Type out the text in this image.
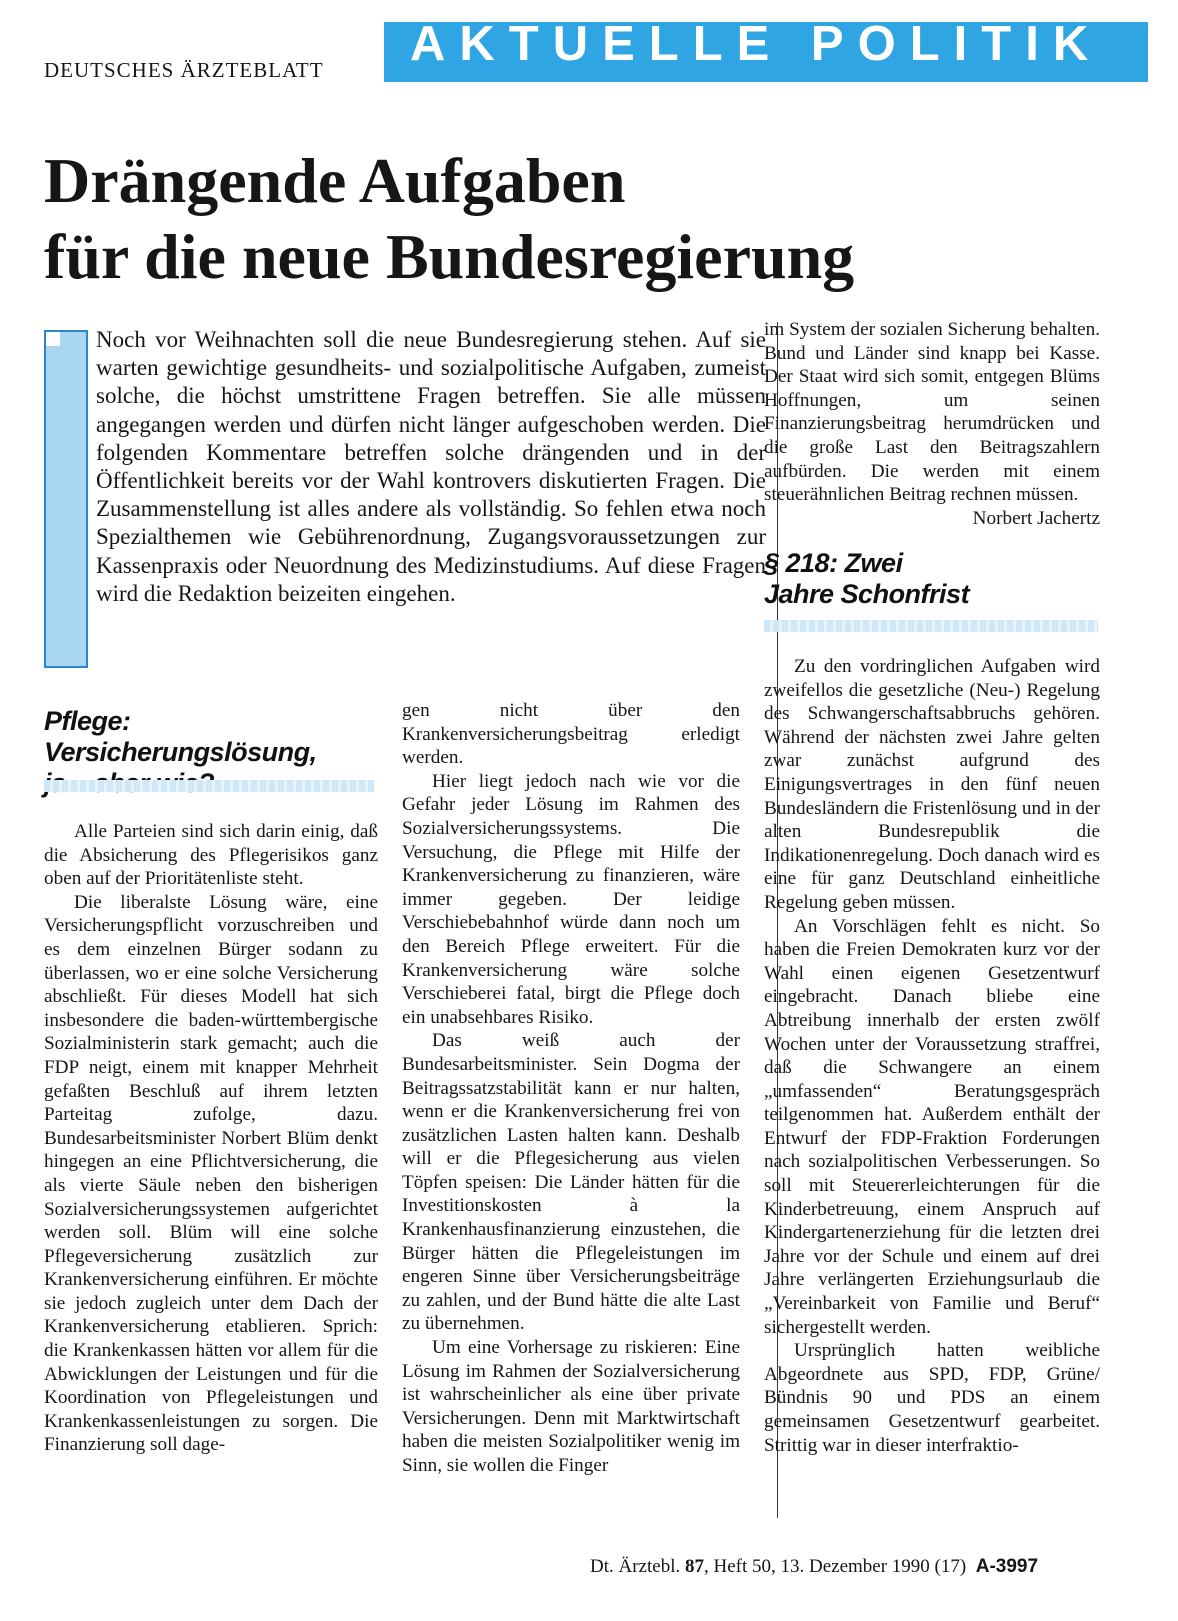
DEUTSCHES ÄRZTEBLATT	AKTUELLE POLITIK
Drängende Aufgaben
für die neue Bundesregierung
Noch vor Weihnachten soll die neue Bundesregierung stehen. Auf sie warten gewichtige gesundheits- und sozialpolitische Aufgaben, zumeist solche, die höchst umstrittene Fragen betreffen. Sie alle müssen angegangen werden und dürfen nicht länger aufgeschoben werden. Die folgenden Kommentare betreffen solche drängenden und in der Öffentlichkeit bereits vor der Wahl kontrovers diskutierten Fragen. Die Zusammenstellung ist alles andere als vollständig. So fehlen etwa noch Spezialthemen wie Gebührenordnung, Zugangsvoraussetzungen zur Kassenpraxis oder Neuordnung des Medizinstudiums. Auf diese Fragen wird die Redaktion beizeiten eingehen.
Pflege: Versicherungslösung,

Alle Parteien sind sich darin einig, daß die Absicherung des Pflegerisikos ganz oben auf der Prioritätenliste steht.

Die liberalste Lösung wäre, eine Versicherungspflicht vorzuschreiben und es dem einzelnen Bürger sodann zu überlassen, wo er eine solche Versicherung abschließt. Für dieses Modell hat sich insbesondere die baden-württembergische Sozialministerin stark gemacht; auch die FDP neigt, einem mit knapper Mehrheit gefaßten Beschluß auf ihrem letzten Parteitag zufolge, dazu. Bundesarbeitsminister Norbert Blüm denkt hingegen an eine Pflichtversicherung, die als vierte Säule neben den bisherigen Sozialversicherungssystemen aufgerichtet werden soll. Blüm will eine solche Pflegeversicherung zusätzlich zur Krankenversicherung einführen. Er möchte sie jedoch zugleich unter dem Dach der Krankenversicherung etablieren. Sprich: die Krankenkassen hätten vor allem für die Abwicklungen der Leistungen und für die Koordination von Pflegeleistungen und Krankenkassenleistungen zu sorgen. Die Finanzierung soll dage-

gen nicht über den Krankenversicherungsbeitrag erledigt werden.

Hier liegt jedoch nach wie vor die Gefahr jeder Lösung im Rahmen des Sozialversicherungssystems. Die Versuchung, die Pflege mit Hilfe der Krankenversicherung zu finanzieren, wäre immer gegeben. Der leidige Verschiebebahnhof würde dann noch um den Bereich Pflege erweitert. Für die Krankenversicherung wäre solche Verschieberei fatal, birgt die Pflege doch ein unabsehbares Risiko.

Das weiß auch der Bundesarbeitsminister. Sein Dogma der Beitragssatzstabilität kann er nur halten, wenn er die Krankenversicherung frei von zusätzlichen Lasten halten kann. Deshalb will er die Pflegesicherung aus vielen Töpfen speisen: Die Länder hätten für die Investitionskosten à la Krankenhausfinanzierung einzustehen, die Bürger hätten die Pflegeleistungen im engeren Sinne über Versicherungsbeiträge zu zahlen, und der Bund hätte die alte Last zu übernehmen.

Um eine Vorhersage zu riskieren: Eine Lösung im Rahmen der Sozialversicherung ist wahrscheinlicher als eine über private Versicherungen. Denn mit Marktwirtschaft haben die meisten Sozialpolitiker wenig im Sinn, sie wollen die Finger

im System der sozialen Sicherung behalten. Bund und Länder sind knapp bei Kasse. Der Staat wird sich somit, entgegen Blüms Hoffnungen, um seinen Finanzierungsbeitrag herumdrücken und die große Last den Beitragszahlern aufbürden. Die werden mit einem steuerähnlichen Beitrag rechnen müssen.
Norbert Jachertz

§ 218: Zwei
Jahre Schonfrist

Zu den vordringlichen Aufgaben wird zweifellos die gesetzliche (Neu-) Regelung des Schwangerschaftsabbruchs gehören. Während der nächsten zwei Jahre gelten zwar zunächst aufgrund des Einigungsvertrages in den fünf neuen Bundesländern die Fristenlösung und in der alten Bundesrepublik die Indikationenregelung. Doch danach wird es eine für ganz Deutschland einheitliche Regelung geben müssen.

An Vorschlägen fehlt es nicht. So haben die Freien Demokraten kurz vor der Wahl einen eigenen Gesetzentwurf eingebracht. Danach bliebe eine Abtreibung innerhalb der ersten zwölf Wochen unter der Voraussetzung straffrei, daß die Schwangere an einem „umfassenden“ Beratungsgespräch teilgenommen hat. Außerdem enthält der Entwurf der FDP-Fraktion Forderungen nach sozialpolitischen Verbesserungen. So soll mit Steuererleichterungen für die Kinderbetreuung, einem Anspruch auf Kindergartenerziehung für die letzten drei Jahre vor der Schule und einem auf drei Jahre verlängerten Erziehungsurlaub die „Vereinbarkeit von Familie und Beruf“ sichergestellt werden.

Ursprünglich hatten weibliche Abgeordnete aus SPD, FDP, Grüne/ Bündnis 90 und PDS an einem gemeinsamen Gesetzentwurf gearbeitet. Strittig war in dieser interfraktio-

Dt. Ärztebl. 87, Heft 50, 13. Dezember 1990 (17) A-3997
